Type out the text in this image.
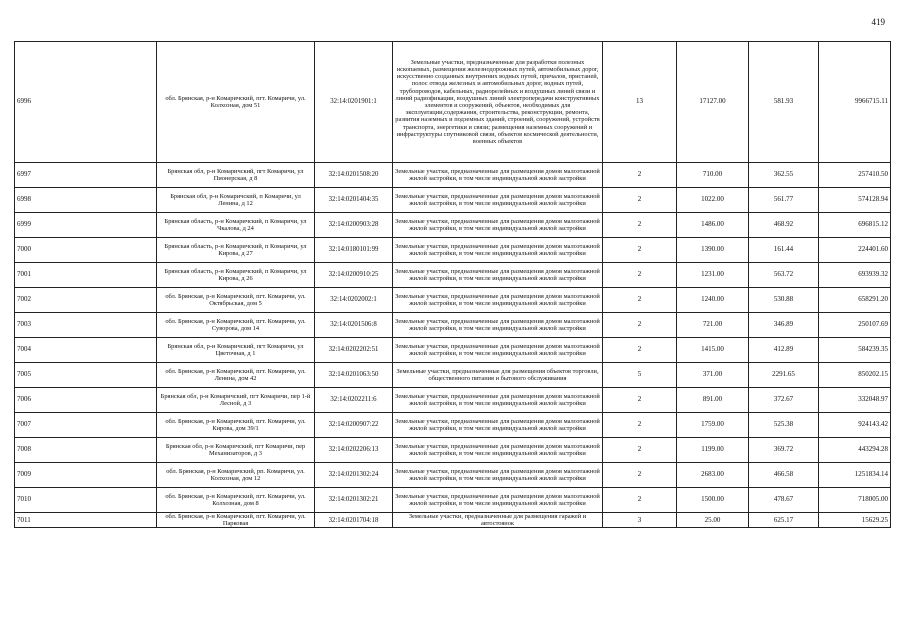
419
6996	обл. Брянская, р-н Комаричский, пгт. Комаричи, ул. Колхозная, дом 51	32:14:0201901:1	Земельные участки, предназначенные для разработки полезных ископаемых, размещения железнодорожных путей, автомобильных дорог, искусственно созданных внутренних водных путей, причалов, пристаней, полос отвода железных и автомобильных дорог, водных путей, трубопроводов, кабельных, радиорелейных и воздушных линий связи и линий радиофикации, воздушных линий электропередачи конструктивных элементов и сооружений, объектов, необходимых для эксплуатации,содержания, строительства, реконструкции, ремонта, развития наземных и подземных зданий, строений, сооружений, устройств транспорта, энергетики и связи; размещения наземных сооружений и инфраструктуры спутниковой связи, объектов космической деятельности, военных объектов	13	17127.00	581.93	9966715.11
6997	Брянская обл, р-н Комаричский, пгт Комаричи, ул Пионерская, д 8	32:14:0201508:20	Земельные участки, предназначенные для размещения домов малоэтажной жилой застройки, в том числе индивидуальной жилой застройки	2	710.00	362.55	257410.50
6998	Брянская обл, р-н Комаричский, п Комаричи, ул Ленина, д 12	32:14:0201404:35	Земельные участки, предназначенные для размещения домов малоэтажной жилой застройки, в том числе индивидуальной жилой застройки	2	1022.00	561.77	574128.94
6999	Брянская область, р-н Комаричский, п Комаричи, ул Чкалова, д 24	32:14:0200903:28	Земельные участки, предназначенные для размещения домов малоэтажной жилой застройки, в том числе индивидуальной жилой застройки	2	1486.00	468.92	696815.12
7000	Брянская область, р-н Комаричский, п Комаричи, ул Кирова, д 27	32:14:0180101:99	Земельные участки, предназначенные для размещения домов малоэтажной жилой застройки, в том числе индивидуальной жилой застройки	2	1390.00	161.44	224401.60
7001	Брянская область, р-н Комаричский, п Комаричи, ул Кирова, д 26	32:14:0200910:25	Земельные участки, предназначенные для размещения домов малоэтажной жилой застройки, в том числе индивидуальной жилой застройки	2	1231.00	563.72	693939.32
7002	обл. Брянская, р-н Комаричский, пгт. Комаричи, ул. Октябрьская, дом 5	32:14:0202002:1	Земельные участки, предназначенные для размещения домов малоэтажной жилой застройки, в том числе индивидуальной жилой застройки	2	1240.00	530.88	658291.20
7003	обл. Брянская, р-н Комаричский, пгт. Комаричи, ул. Суворова, дом 14	32:14:0201506:8	Земельные участки, предназначенные для размещения домов малоэтажной жилой застройки, в том числе индивидуальной жилой застройки	2	721.00	346.89	250107.69
7004	Брянская обл, р-н Комаричский, пгт Комаричи, ул Цветочная, д 1	32:14:0202202:51	Земельные участки, предназначенные для размещения домов малоэтажной жилой застройки, в том числе индивидуальной жилой застройки	2	1415.00	412.89	584239.35
7005	обл. Брянская, р-н Комаричский, пгт. Комаричи, ул. Ленина, дом 42	32:14:0201063:50	Земельные участки, предназначенные для размещения объектов торговли, общественного питания и бытового обслуживания	5	371.00	2291.65	850202.15
7006	Брянская обл, р-н Комаричский, пгт Комаричи, пер 1-й Лесной, д 3	32:14:0202211:6	Земельные участки, предназначенные для размещения домов малоэтажной жилой застройки, в том числе индивидуальной жилой застройки	2	891.00	372.67	332048.97
7007	обл. Брянская, р-н Комаричский, пгт. Комаричи, ул. Кирова, дом 39/1	32:14:0200907:22	Земельные участки, предназначенные для размещения домов малоэтажной жилой застройки, в том числе индивидуальной жилой застройки	2	1759.00	525.38	924143.42
7008	Брянская обл, р-н Комаричский, пгт Комаричи, пер Механизаторов, д 3	32:14:0202206:13	Земельные участки, предназначенные для размещения домов малоэтажной жилой застройки, в том числе индивидуальной жилой застройки	2	1199.00	369.72	443294.28
7009	обл. Брянская, р-н Комаричский, рп. Комаричи, ул. Колхозная, дом 12	32:14:0201302:24	Земельные участки, предназначенные для размещения домов малоэтажной жилой застройки, в том числе индивидуальной жилой застройки	2	2683.00	466.58	1251834.14
7010	обл. Брянская, р-н Комаричский, пгт. Комаричи, ул. Колхозная, дом 8	32:14:0201302:21	Земельные участки, предназначенные для размещения домов малоэтажной жилой застройки, в том числе индивидуальной жилой застройки	2	1500.00	478.67	718005.00
7011	обл. Брянская, р-н Комаричский, пгт. Комаричи, ул. Парковая	32:14:0201704:18	Земельные участки, предназначенные для размещения гаражей и автостоянок	3	25.00	625.17	15629.25
